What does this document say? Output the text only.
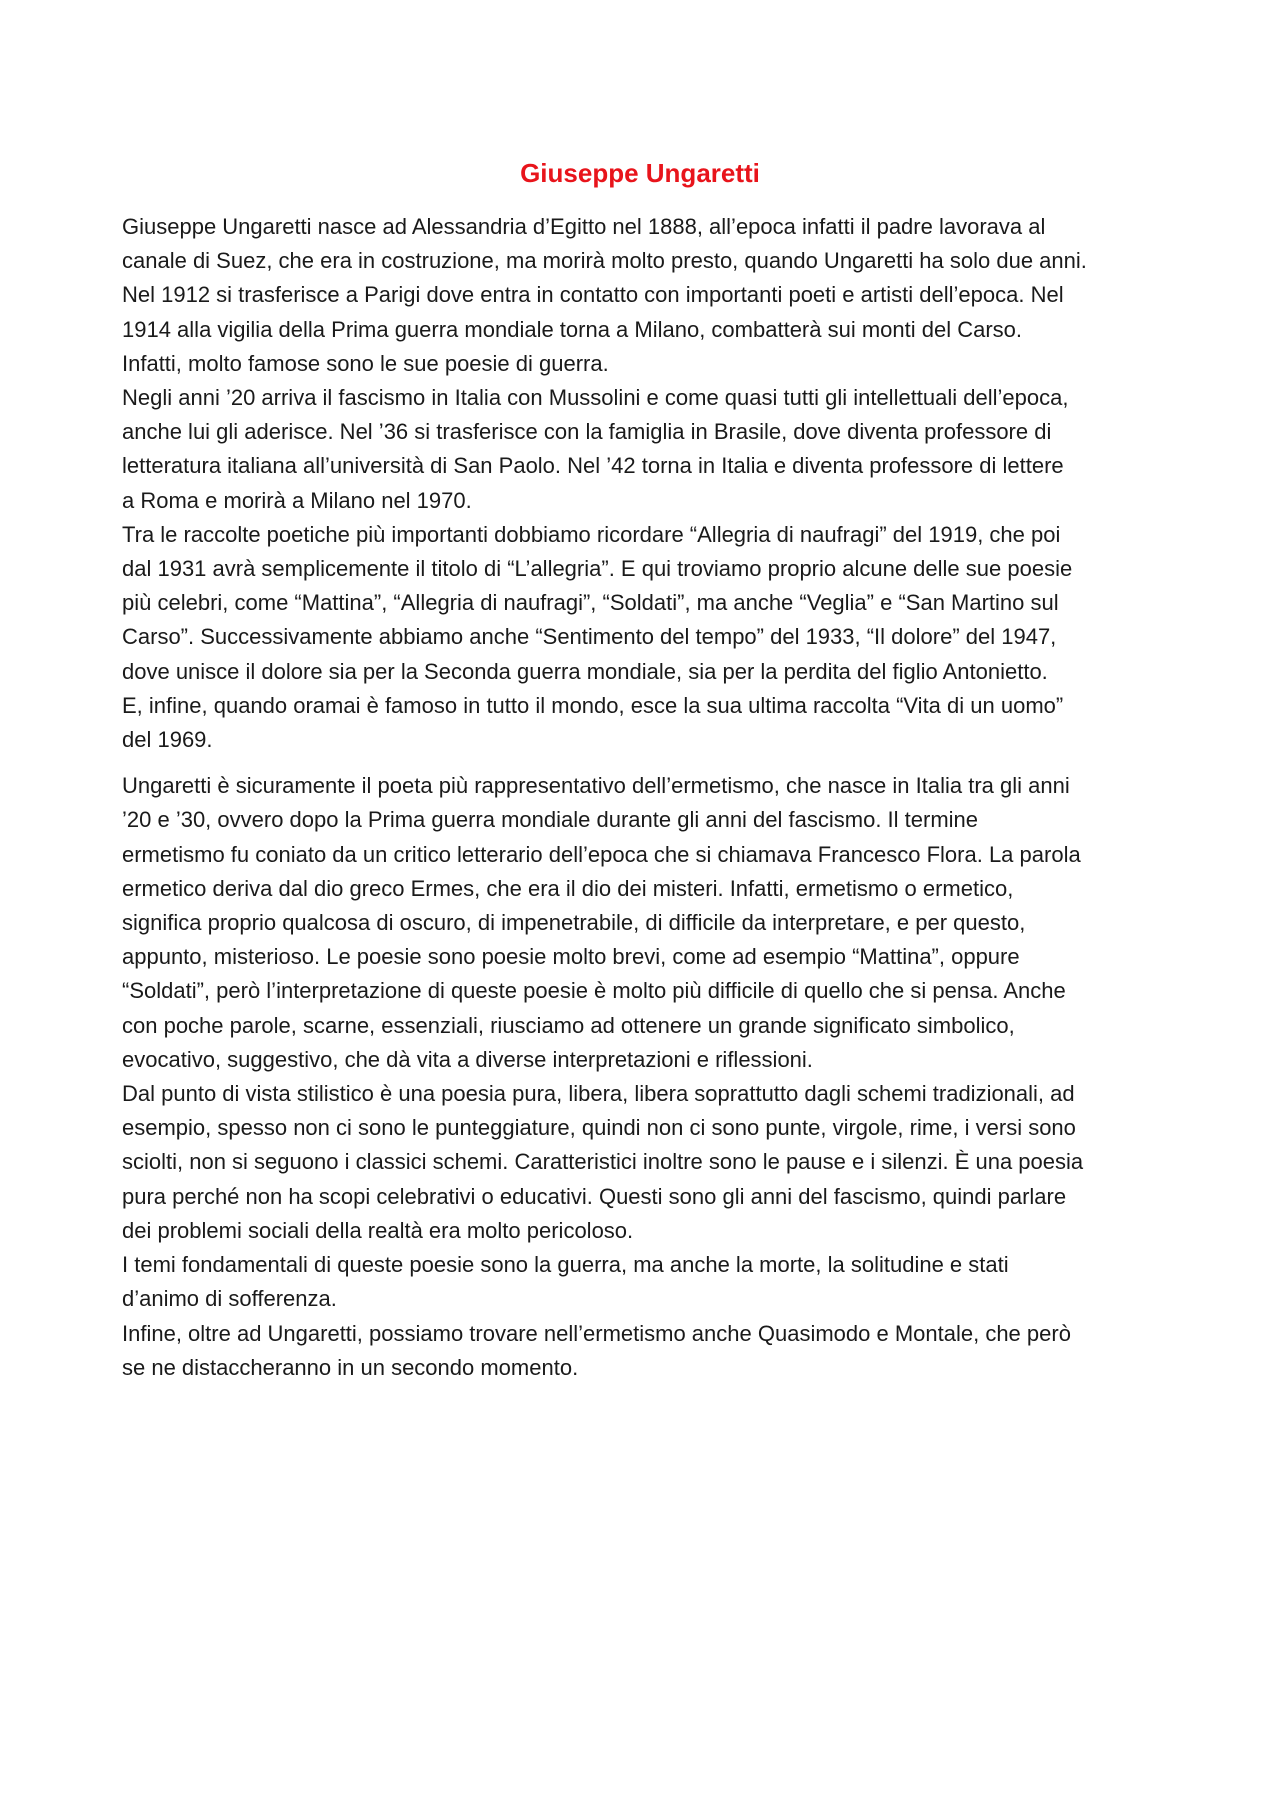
Giuseppe Ungaretti
Giuseppe Ungaretti nasce ad Alessandria d’Egitto nel 1888, all’epoca infatti il padre lavorava al
canale di Suez, che era in costruzione, ma morirà molto presto, quando Ungaretti ha solo due anni.
Nel 1912 si trasferisce a Parigi dove entra in contatto con importanti poeti e artisti dell’epoca. Nel
1914 alla vigilia della Prima guerra mondiale torna a Milano, combatterà sui monti del Carso.
Infatti, molto famose sono le sue poesie di guerra.
Negli anni ’20 arriva il fascismo in Italia con Mussolini e come quasi tutti gli intellettuali dell’epoca,
anche lui gli aderisce. Nel ’36 si trasferisce con la famiglia in Brasile, dove diventa professore di
letteratura italiana all’università di San Paolo. Nel ’42 torna in Italia e diventa professore di lettere
a Roma e morirà a Milano nel 1970.
Tra le raccolte poetiche più importanti dobbiamo ricordare “Allegria di naufragi” del 1919, che poi
dal 1931 avrà semplicemente il titolo di “L’allegria”. E qui troviamo proprio alcune delle sue poesie
più celebri, come “Mattina”, “Allegria di naufragi”, “Soldati”, ma anche “Veglia” e “San Martino sul
Carso”. Successivamente abbiamo anche “Sentimento del tempo” del 1933, “Il dolore” del 1947,
dove unisce il dolore sia per la Seconda guerra mondiale, sia per la perdita del figlio Antonietto.
E, infine, quando oramai è famoso in tutto il mondo, esce la sua ultima raccolta “Vita di un uomo”
del 1969.
Ungaretti è sicuramente il poeta più rappresentativo dell’ermetismo, che nasce in Italia tra gli anni
’20 e ’30, ovvero dopo la Prima guerra mondiale durante gli anni del fascismo. Il termine
ermetismo fu coniato da un critico letterario dell’epoca che si chiamava Francesco Flora. La parola
ermetico deriva dal dio greco Ermes, che era il dio dei misteri. Infatti, ermetismo o ermetico,
significa proprio qualcosa di oscuro, di impenetrabile, di difficile da interpretare, e per questo,
appunto, misterioso. Le poesie sono poesie molto brevi, come ad esempio “Mattina”, oppure
“Soldati”, però l’interpretazione di queste poesie è molto più difficile di quello che si pensa. Anche
con poche parole, scarne, essenziali, riusciamo ad ottenere un grande significato simbolico,
evocativo, suggestivo, che dà vita a diverse interpretazioni e riflessioni.
Dal punto di vista stilistico è una poesia pura, libera, libera soprattutto dagli schemi tradizionali, ad
esempio, spesso non ci sono le punteggiature, quindi non ci sono punte, virgole, rime, i versi sono
sciolti, non si seguono i classici schemi. Caratteristici inoltre sono le pause e i silenzi. È una poesia
pura perché non ha scopi celebrativi o educativi. Questi sono gli anni del fascismo, quindi parlare
dei problemi sociali della realtà era molto pericoloso.
I temi fondamentali di queste poesie sono la guerra, ma anche la morte, la solitudine e stati
d’animo di sofferenza.
Infine, oltre ad Ungaretti, possiamo trovare nell’ermetismo anche Quasimodo e Montale, che però
se ne distaccheranno in un secondo momento.
